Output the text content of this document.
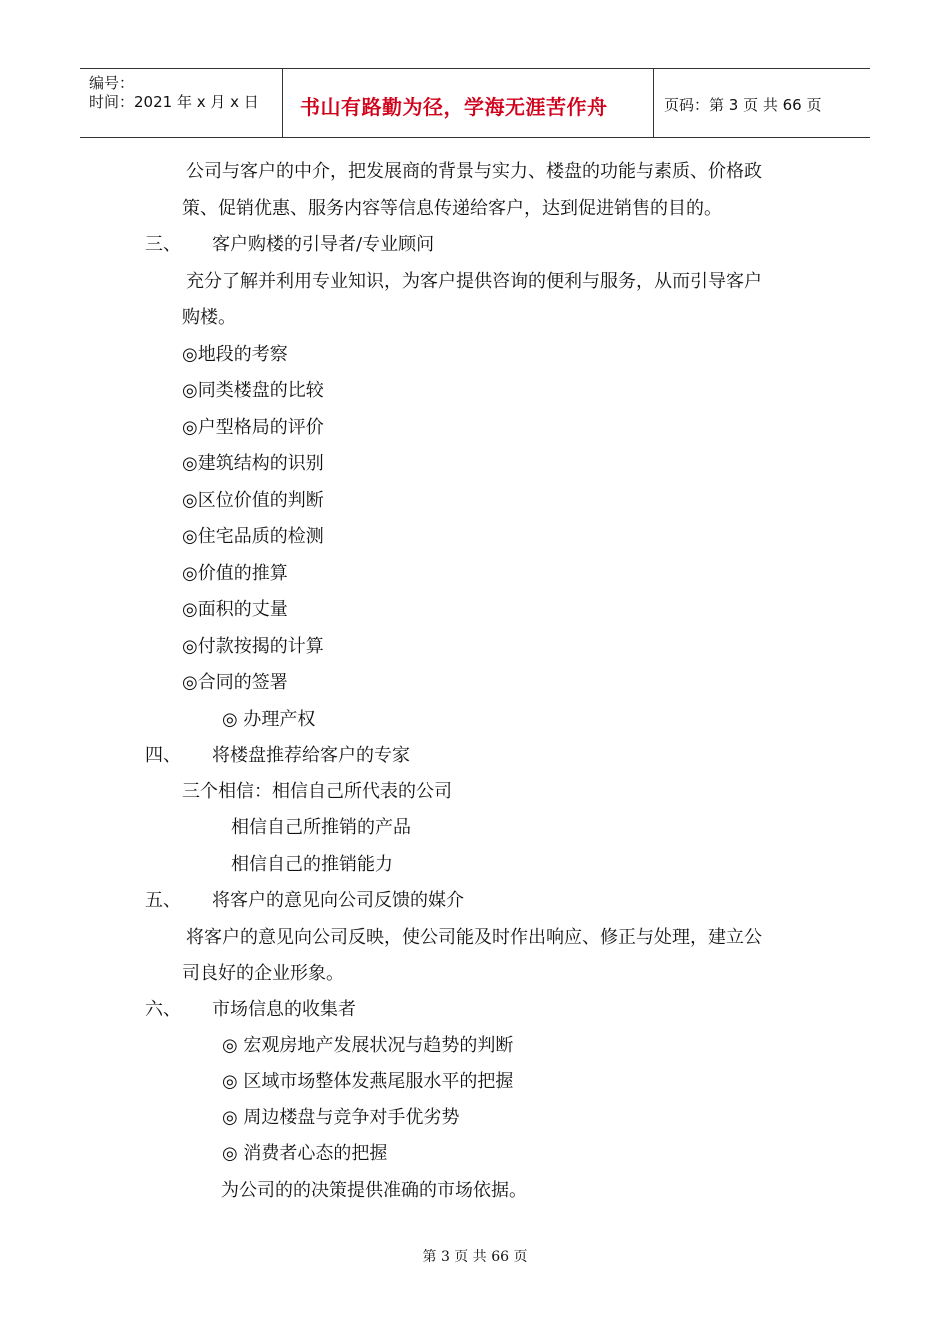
编号：
时间：2021 年 x 月 x 日 书山有路勤为径，学海无涯苦作舟	页码：第 3 页 共 66 页
公司与客户的中介，把发展商的背景与实力、楼盘的功能与素质、价格政
策、促销优惠、服务内容等信息传递给客户，达到促进销售的目的。
三、 客户购楼的引导者/专业顾问
充分了解并利用专业知识，为客户提供咨询的便利与服务，从而引导客户
购楼。
◎地段的考察
◎同类楼盘的比较
◎户型格局的评价
◎建筑结构的识别
◎区位价值的判断
◎住宅品质的检测
◎价值的推算
◎面积的丈量
◎付款按揭的计算
◎合同的签署
◎ 办理产权
四、 将楼盘推荐给客户的专家
三个相信：相信自己所代表的公司
相信自己所推销的产品
相信自己的推销能力
五、 将客户的意见向公司反馈的媒介
将客户的意见向公司反映，使公司能及时作出响应、修正与处理，建立公
司良好的企业形象。
六、 市场信息的收集者
◎ 宏观房地产发展状况与趋势的判断
◎ 区域市场整体发燕尾服水平的把握
◎ 周边楼盘与竞争对手优劣势
◎ 消费者心态的把握
为公司的的决策提供准确的市场依据。
第 3 页 共 66 页
